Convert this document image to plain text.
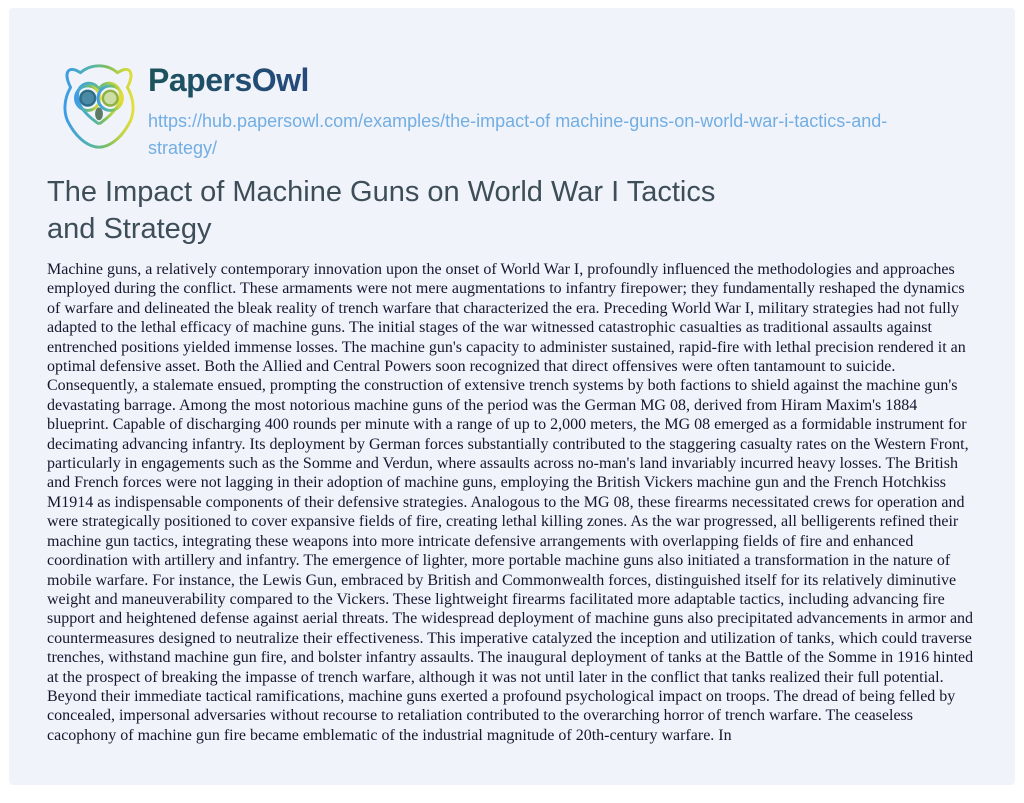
PapersOwl
https://hub.papersowl.com/examples/the-impact-of machine-guns-on-world-war-i-tactics-and-strategy/
The Impact of Machine Guns on World War I Tactics and Strategy

Machine guns, a relatively contemporary innovation upon the onset of World War I, profoundly influenced the methodologies and approaches employed during the conflict. These armaments were not mere augmentations to infantry firepower; they fundamentally reshaped the dynamics of warfare and delineated the bleak reality of trench warfare that characterized the era. Preceding World War I, military strategies had not fully adapted to the lethal efficacy of machine guns. The initial stages of the war witnessed catastrophic casualties as traditional assaults against entrenched positions yielded immense losses. The machine gun's capacity to administer sustained, rapid-fire with lethal precision rendered it an optimal defensive asset. Both the Allied and Central Powers soon recognized that direct offensives were often tantamount to suicide. Consequently, a stalemate ensued, prompting the construction of extensive trench systems by both factions to shield against the machine gun's devastating barrage. Among the most notorious machine guns of the period was the German MG 08, derived from Hiram Maxim's 1884 blueprint. Capable of discharging 400 rounds per minute with a range of up to 2,000 meters, the MG 08 emerged as a formidable instrument for decimating advancing infantry. Its deployment by German forces substantially contributed to the staggering casualty rates on the Western Front, particularly in engagements such as the Somme and Verdun, where assaults across no-man's land invariably incurred heavy losses. The British and French forces were not lagging in their adoption of machine guns, employing the British Vickers machine gun and the French Hotchkiss M1914 as indispensable components of their defensive strategies. Analogous to the MG 08, these firearms necessitated crews for operation and were strategically positioned to cover expansive fields of fire, creating lethal killing zones. As the war progressed, all belligerents refined their machine gun tactics, integrating these weapons into more intricate defensive arrangements with overlapping fields of fire and enhanced coordination with artillery and infantry. The emergence of lighter, more portable machine guns also initiated a transformation in the nature of mobile warfare. For instance, the Lewis Gun, embraced by British and Commonwealth forces, distinguished itself for its relatively diminutive weight and maneuverability compared to the Vickers. These lightweight firearms facilitated more adaptable tactics, including advancing fire support and heightened defense against aerial threats. The widespread deployment of machine guns also precipitated advancements in armor and countermeasures designed to neutralize their effectiveness. This imperative catalyzed the inception and utilization of tanks, which could traverse trenches, withstand machine gun fire, and bolster infantry assaults. The inaugural deployment of tanks at the Battle of the Somme in 1916 hinted at the prospect of breaking the impasse of trench warfare, although it was not until later in the conflict that tanks realized their full potential. Beyond their immediate tactical ramifications, machine guns exerted a profound psychological impact on troops. The dread of being felled by concealed, impersonal adversaries without recourse to retaliation contributed to the overarching horror of trench warfare. The ceaseless cacophony of machine gun fire became emblematic of the industrial magnitude of 20th-century warfare. In
